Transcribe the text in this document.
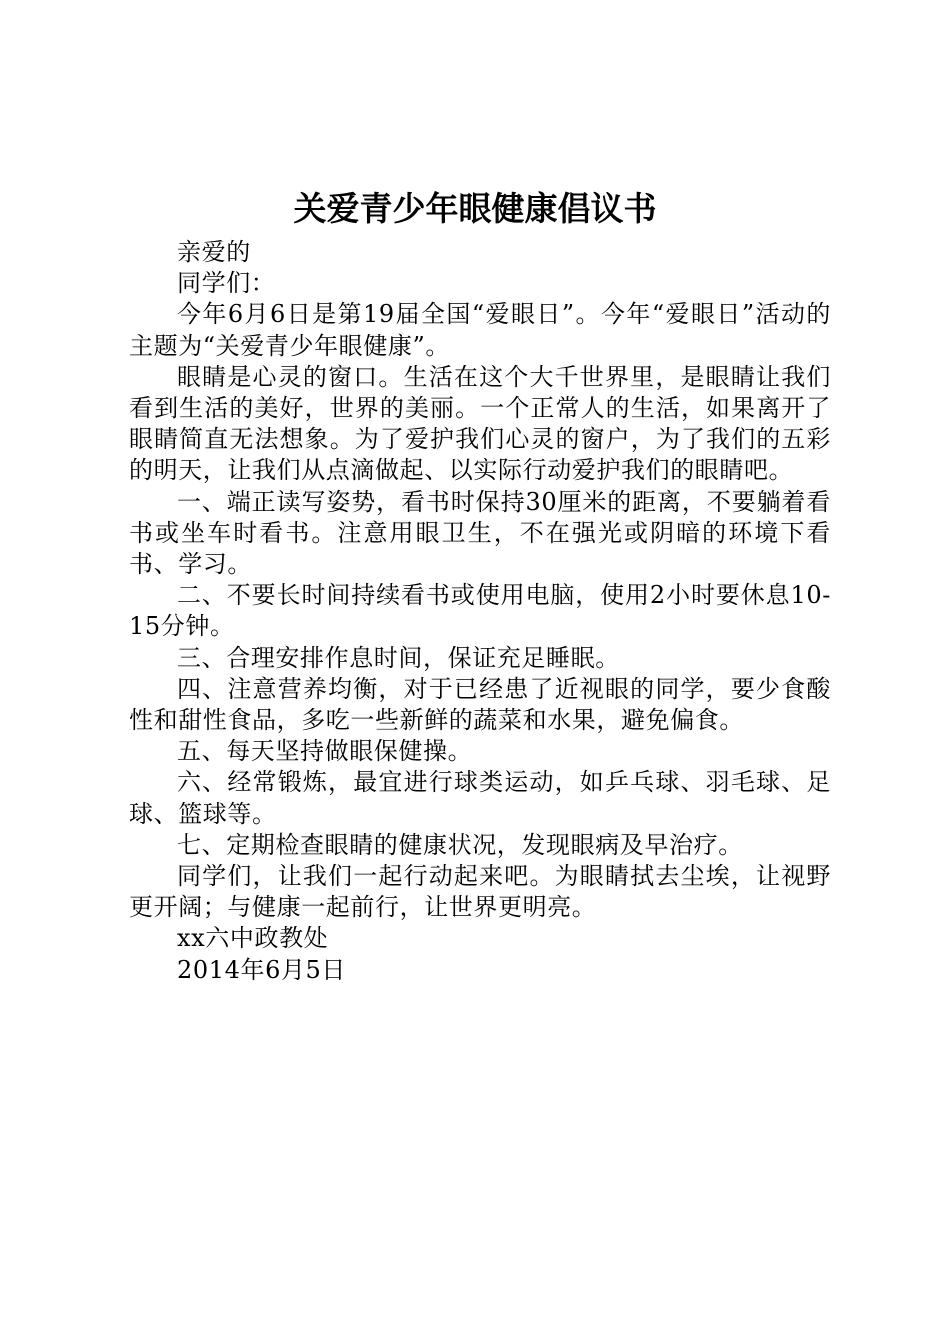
关爱青少年眼健康倡议书

亲爱的

同学们：

今年6月6日是第19届全国“爱眼日”。今年“爱眼日”活动的主题为“关爱青少年眼健康”。

眼睛是心灵的窗口。生活在这个大千世界里，是眼睛让我们看到生活的美好，世界的美丽。一个正常人的生活，如果离开了眼睛简直无法想象。为了爱护我们心灵的窗户，为了我们的五彩的明天，让我们从点滴做起、以实际行动爱护我们的眼睛吧。

一、端正读写姿势，看书时保持30厘米的距离，不要躺着看书或坐车时看书。注意用眼卫生，不在强光或阴暗的环境下看书、学习。

二、不要长时间持续看书或使用电脑，使用2小时要休息10-15分钟。

三、合理安排作息时间，保证充足睡眠。

四、注意营养均衡，对于已经患了近视眼的同学，要少食酸性和甜性食品，多吃一些新鲜的蔬菜和水果，避免偏食。

五、每天坚持做眼保健操。

六、经常锻炼，最宜进行球类运动，如乒乓球、羽毛球、足球、篮球等。

七、定期检查眼睛的健康状况，发现眼病及早治疗。

同学们，让我们一起行动起来吧。为眼睛拭去尘埃，让视野更开阔；与健康一起前行，让世界更明亮。

xx六中政教处

2014年6月5日
